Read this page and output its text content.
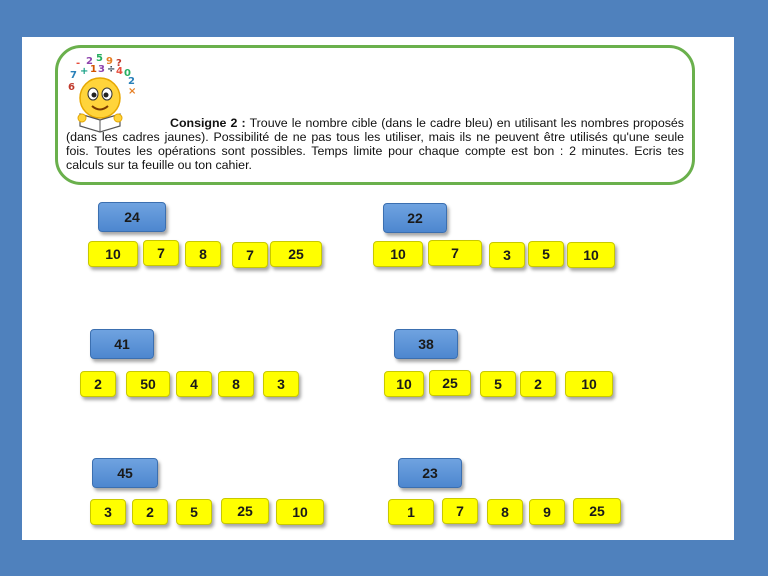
- 2 5 9 ?
7 + 1 3 ÷ 4 0
2
6	×

Consigne 2 : Trouve le nombre cible (dans le cadre bleu) en utilisant les nombres proposés (dans les cadres jaunes). Possibilité de ne pas tous les utiliser, mais ils ne peuvent être utilisés qu'une seule fois. Toutes les opérations sont possibles. Temps limite pour chaque compte est bon : 2 minutes. Ecris tes calculs sur ta feuille ou ton cahier.

24
10	7	8	7	25
22
10	7	3	5	10
41
2	50	4	8	3
38
10	25	5	2	10
45
3	2	5	25	10
23
1	7	8	9	25
